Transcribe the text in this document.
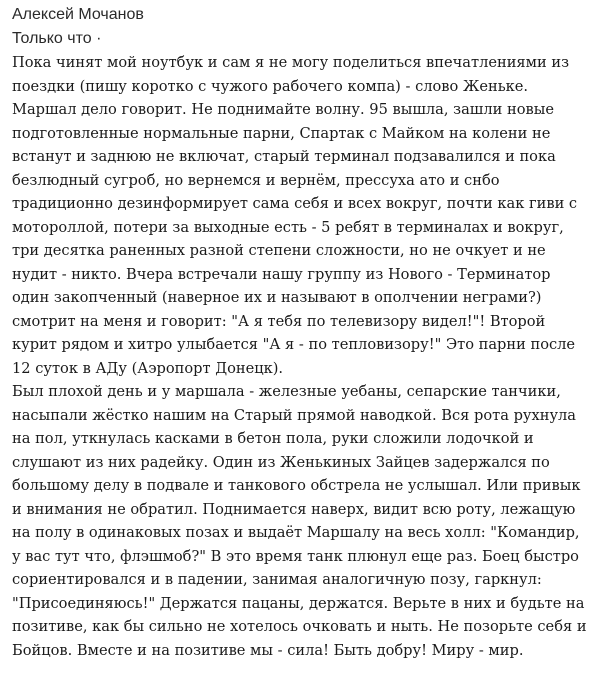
Алексей Мочанов

Только что ·

Пока чинят мой ноутбук и сам я не могу поделиться впечатлениями из поездки (пишу коротко с чужого рабочего компа) - слово Женьке. Маршал дело говорит. Не поднимайте волну. 95 вышла, зашли новые подготовленные нормальные парни, Спартак с Майком на колени не встанут и заднюю не включат, старый терминал подзавалился и пока безлюдный сугроб, но вернемся и вернём, прессуха ато и снбо традиционно дезинформирует сама себя и всех вокруг, почти как гиви с мотороллой, потери за выходные есть - 5 ребят в терминалах и вокруг, три десятка раненных разной степени сложности, но не очкует и не нудит - никто. Вчера встречали нашу группу из Нового - Терминатор один закопченный (наверное их и называют в ополчении неграми?) смотрит на меня и говорит: "А я тебя по телевизору видел!"! Второй курит рядом и хитро улыбается "А я - по тепловизору!" Это парни после 12 суток в АДу (Аэропорт Донецк).

Был плохой день и у маршала - железные уебаны, сепарские танчики, насыпали жёстко нашим на Старый прямой наводкой. Вся рота рухнула на пол, уткнулась касками в бетон пола, руки сложили лодочкой и слушают из них радейку. Один из Женькиных Зайцев задержался по большому делу в подвале и танкового обстрела не услышал. Или привык и внимания не обратил. Поднимается наверх, видит всю роту, лежащую на полу в одинаковых позах и выдаёт Маршалу на весь холл: "Командир, у вас тут что, флэшмоб?" В это время танк плюнул еще раз. Боец быстро сориентировался и в падении, занимая аналогичную позу, гаркнул: "Присоединяюсь!" Держатся пацаны, держатся. Верьте в них и будьте на позитиве, как бы сильно не хотелось очковать и ныть. Не позорьте себя и Бойцов. Вместе и на позитиве мы - сила! Быть добру! Миру - мир.
